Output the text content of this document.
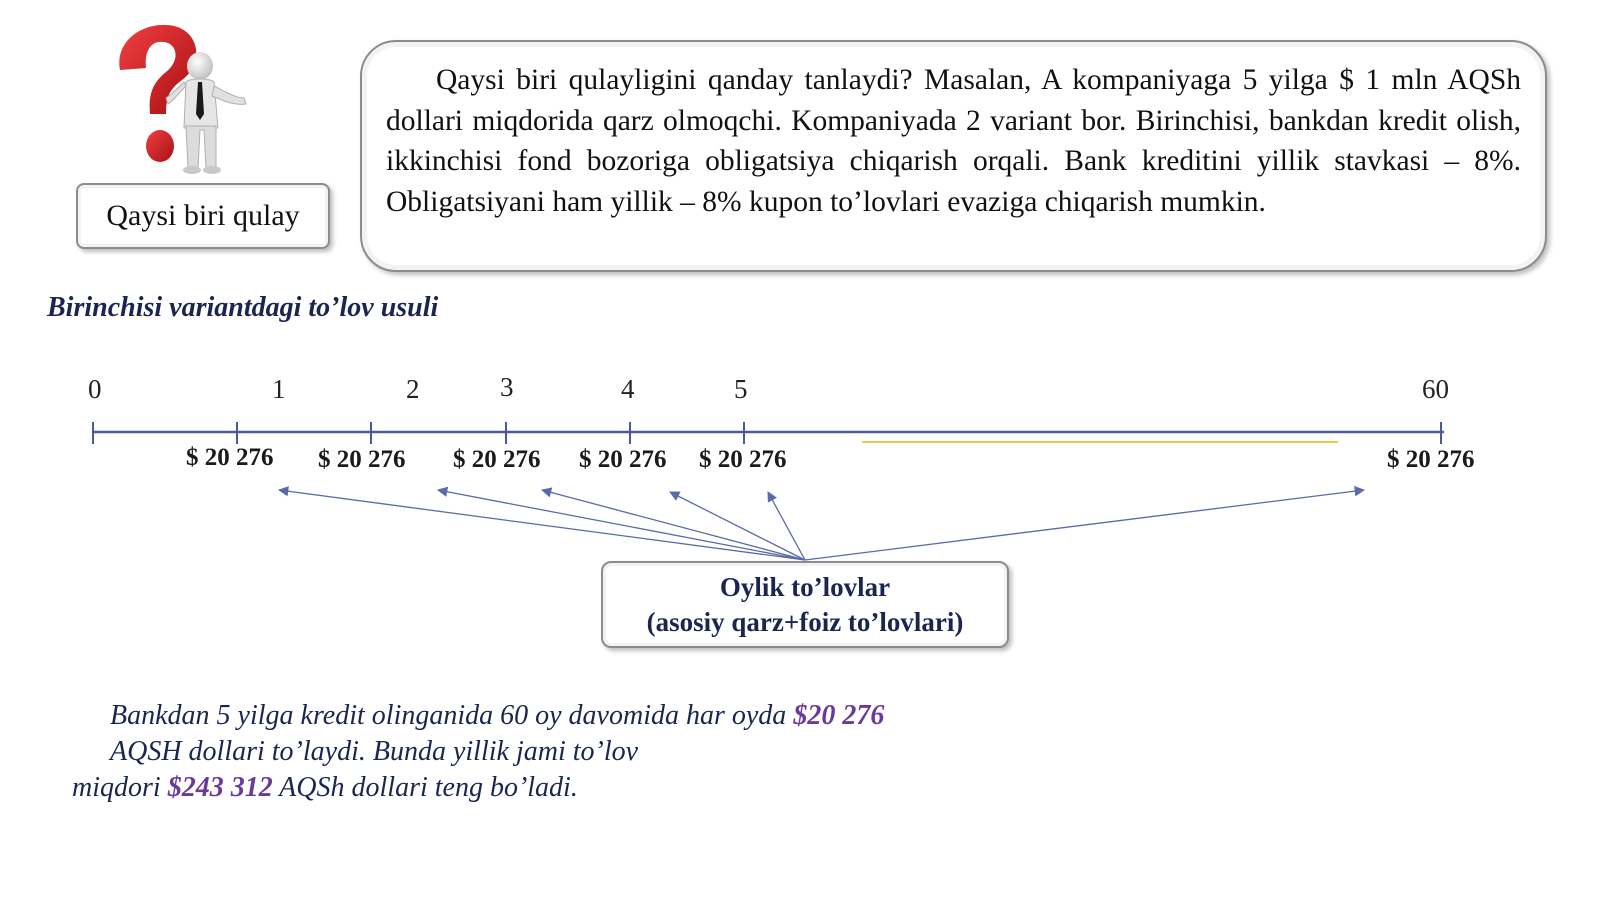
Qaysi biri qulay

Qaysi biri qulayligini qanday tanlaydi? Masalan, A kompaniyaga 5 yilga $ 1 mln AQSh dollari miqdorida qarz olmoqchi. Kompaniyada 2 variant bor. Birinchisi, bankdan kredit olish, ikkinchisi fond bozoriga obligatsiya chiqarish orqali. Bank kreditini yillik stavkasi – 8%. Obligatsiyani ham yillik – 8% kupon to’lovlari evaziga chiqarish mumkin.

Birinchisi variantdagi to’lov usuli
0	1	2	3	4	5	60
$ 20 276 $ 20 276 $ 20 276 $ 20 276 $ 20 276	$ 20 276
Oylik to’lovlar
(asosiy qarz+foiz to’lovlari)
Bankdan 5 yilga kredit olinganida 60 oy davomida har oyda $20 276
AQSH dollari to’laydi. Bunda yillik jami to’lov
miqdori $243 312 AQSh dollari teng bo’ladi.
